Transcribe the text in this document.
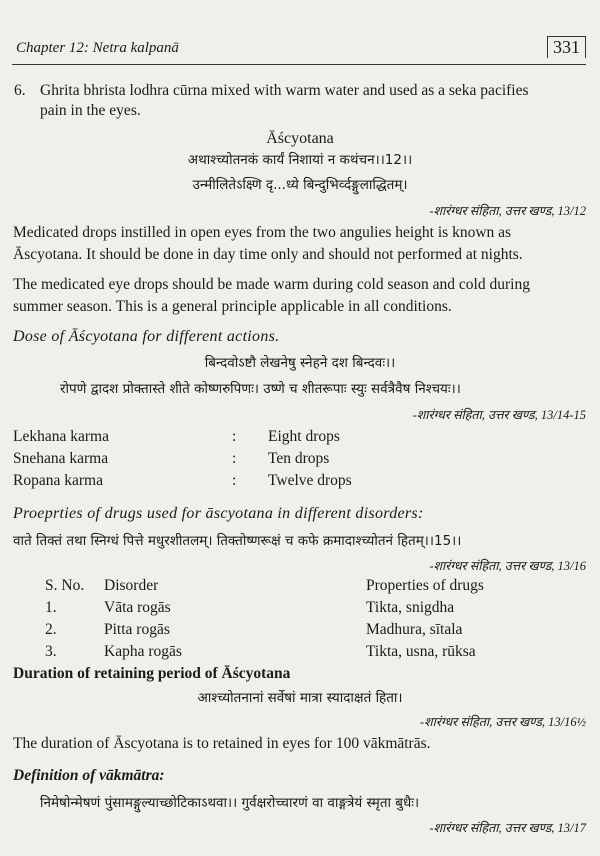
Chapter 12: Netra kalpanā	331
6. Ghrita bhrista lodhra cūrna mixed with warm water and used as a seka pacifies
pain in the eyes.
Āścyotana
अथाश्च्योतनकं कार्यं निशायां न कथंचन।।12।।
उन्मीलितेऽक्ष्णि दृ...ध्ये बिन्दुभिर्व्दङ्गुलाद्धितम्।
-शारंग्धर संहिता, उत्तर खण्ड, 13/12
Medicated drops instilled in open eyes from the two angulies height is known as
Āscyotana. It should be done in day time only and should not performed at nights.
The medicated eye drops should be made warm during cold season and cold during
summer season. This is a general principle applicable in all conditions.
Dose of Āścyotana for different actions.
बिन्दवोऽष्टौ लेखनेषु स्नेहने दश बिन्दवः।।
रोपणे द्वादश प्रोक्तास्ते शीते कोष्णरुपिणः। उष्णे च शीतरूपाः स्युः सर्वत्रैवैष निश्चयः।।
-शारंग्धर संहिता, उत्तर खण्ड, 13/14-15
Lekhana karma	: Eight drops
Snehana karma	: Ten drops
Ropana karma	: Twelve drops
Proeprties of drugs used for āscyotana in different disorders:
वाते तिक्तं तथा स्निग्धं पित्ते मधुरशीतलम्। तिक्तोष्णरूक्षं च कफे क्रमादाश्च्योतनं हितम्।।15।।
-शारंग्धर संहिता, उत्तर खण्ड, 13/16
S. No. Disorder	Properties of drugs
1.	Vāta rogās	Tikta, snigdha
2.	Pitta rogās	Madhura, sītala
3.	Kapha rogās	Tikta, usna, rūksa
Duration of retaining period of Āścyotana
आश्च्योतनानां सर्वेषां मात्रा स्यादाक्षतं हिता।
-शारंग्धर संहिता, उत्तर खण्ड, 13/16½
The duration of Āscyotana is to retained in eyes for 100 vākmātrās.
Definition of vākmātra:
निमेषोन्मेषणं पुंसामङ्गुल्याच्छोटिकाऽथवा।। गुर्वक्षरोच्चारणं वा वाङ्गत्रेयं स्मृता बुधैः।
-शारंग्धर संहिता, उत्तर खण्ड, 13/17
